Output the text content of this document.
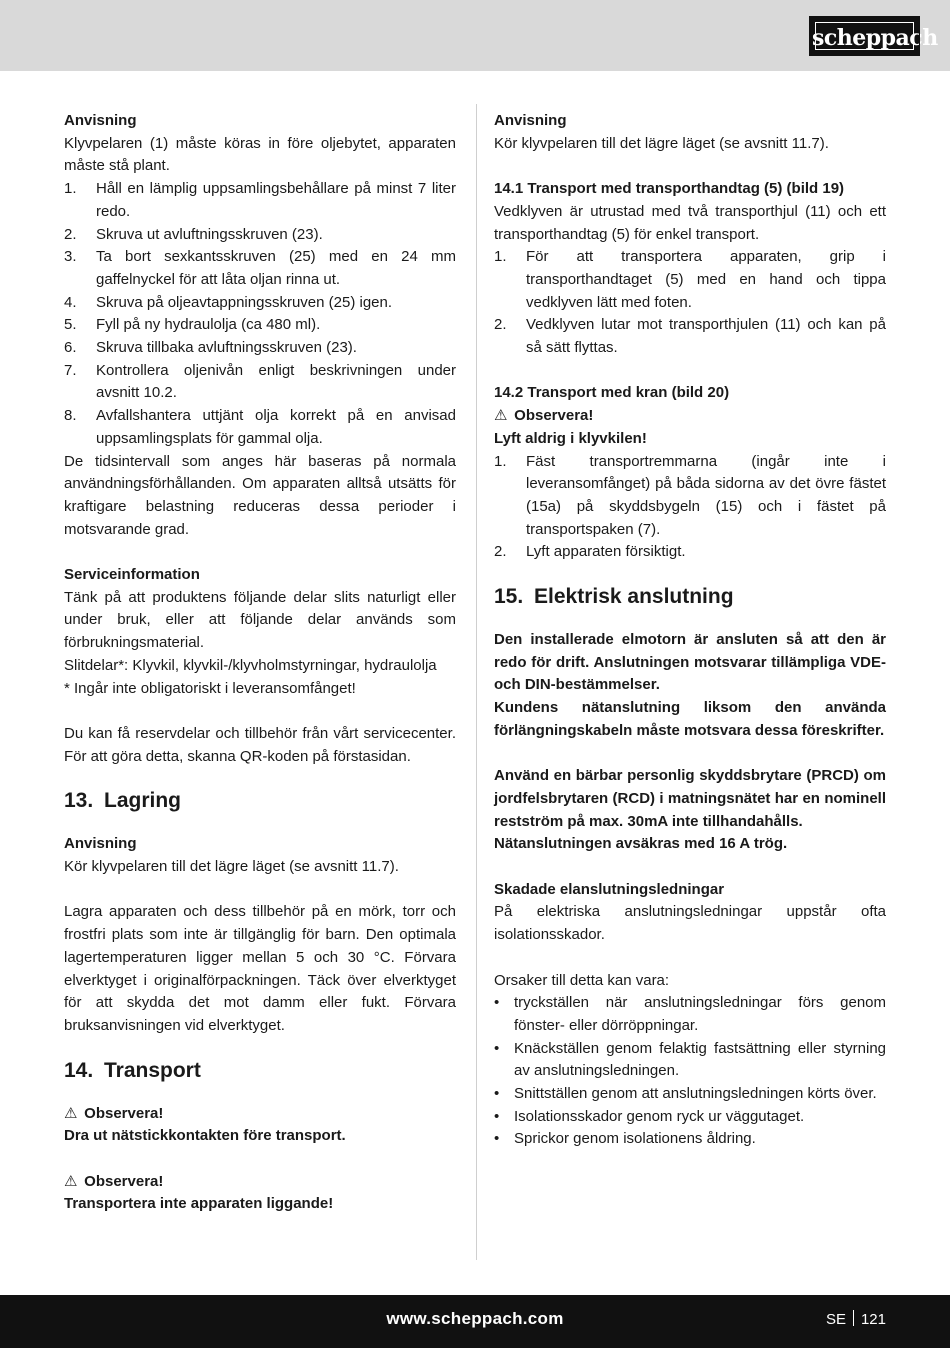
scheppach

Anvisning

Klyvpelaren (1) måste köras in före oljebytet, apparaten måste stå plant.

1. Håll en lämplig uppsamlingsbehållare på minst 7 liter redo.
2. Skruva ut avluftningsskruven (23).
3. Ta bort sexkantsskruven (25) med en 24 mm gaffelnyckel för att låta oljan rinna ut.
4. Skruva på oljeavtappningsskruven (25) igen.
5. Fyll på ny hydraulolja (ca 480 ml).
6. Skruva tillbaka avluftningsskruven (23).
7. Kontrollera oljenivån enligt beskrivningen under avsnitt 10.2.
8. Avfallshantera uttjänt olja korrekt på en anvisad uppsamlingsplats för gammal olja.

De tidsintervall som anges här baseras på normala användningsförhållanden. Om apparaten alltså utsätts för kraftigare belastning reduceras dessa perioder i motsvarande grad.

Serviceinformation

Tänk på att produktens följande delar slits naturligt eller under bruk, eller att följande delar används som förbrukningsmaterial.

Slitdelar*: Klyvkil, klyvkil-/klyvholmstyrningar, hydraulolja

* Ingår inte obligatoriskt i leveransomfånget!

Du kan få reservdelar och tillbehör från vårt servicecenter. För att göra detta, skanna QR-koden på förstasidan.

13. Lagring

Anvisning

Kör klyvpelaren till det lägre läget (se avsnitt 11.7).

Lagra apparaten och dess tillbehör på en mörk, torr och frostfri plats som inte är tillgänglig för barn. Den optimala lagertemperaturen ligger mellan 5 och 30 °C. Förvara elverktyget i originalförpackningen. Täck över elverktyget för att skydda det mot damm eller fukt. Förvara bruksanvisningen vid elverktyget.

14. Transport

⚠ Observera!

Dra ut nätstickkontakten före transport.

⚠ Observera!

Transportera inte apparaten liggande!

Anvisning

Kör klyvpelaren till det lägre läget (se avsnitt 11.7).

14.1 Transport med transporthandtag (5) (bild 19)

Vedklyven är utrustad med två transporthjul (11) och ett transporthandtag (5) för enkel transport.

1. För att transportera apparaten, grip i transporthandtaget (5) med en hand och tippa vedklyven lätt med foten.
2. Vedklyven lutar mot transporthjulen (11) och kan på så sätt flyttas.

14.2 Transport med kran (bild 20)

⚠ Observera!

Lyft aldrig i klyvkilen!

1. Fäst transportremmarna (ingår inte i leveransomfånget) på båda sidorna av det övre fästet (15a) på skyddsbygeln (15) och i fästet på transportspaken (7).
2. Lyft apparaten försiktigt.
15. Elektrisk anslutning

Den installerade elmotorn är ansluten så att den är redo för drift. Anslutningen motsvarar tillämpliga VDE- och DIN-bestämmelser.

Kundens nätanslutning liksom den använda förlängningskabeln måste motsvara dessa föreskrifter.

Använd en bärbar personlig skyddsbrytare (PRCD) om jordfelsbrytaren (RCD) i matningsnätet har en nominell restström på max. 30mA inte tillhandahålls.

Nätanslutningen avsäkras med 16 A trög.

Skadade elanslutningsledningar

På elektriska anslutningsledningar uppstår ofta isolationsskador.

Orsaker till detta kan vara:

• tryckställen när anslutningsledningar förs genom fönster- eller dörröppningar.
• Knäckställen genom felaktig fastsättning eller styrning av anslutningsledningen.
• Snittställen genom att anslutningsledningen körts över.
• Isolationsskador genom ryck ur väggutaget.
• Sprickor genom isolationens åldring.
www.scheppach.com	SE 121
